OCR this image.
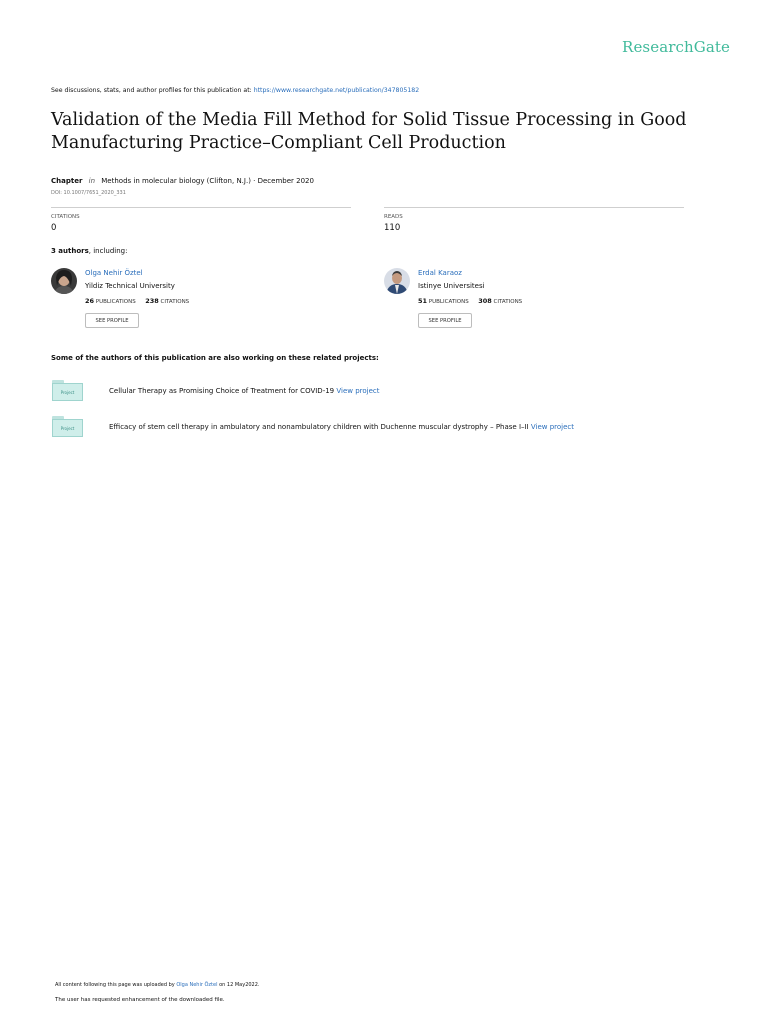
ResearchGate
See discussions, stats, and author profiles for this publication at: https://www.researchgate.net/publication/347805182
Validation of the Media Fill Method for Solid Tissue Processing in Good Manufacturing Practice–Compliant Cell Production
Chapter in Methods in molecular biology (Clifton, N.J.) · December 2020
DOI: 10.1007/7651_2020_331
CITATIONS
0
READS
110
3 authors, including:
Olga Nehir Öztel
Yildiz Technical University
26 PUBLICATIONS 238 CITATIONS
SEE PROFILE
Erdal Karaoz
Istinye Universitesi
51 PUBLICATIONS 308 CITATIONS
SEE PROFILE
Some of the authors of this publication are also working on these related projects:
Project	Cellular Therapy as Promising Choice of Treatment for COVID-19 View project
Project	Efficacy of stem cell therapy in ambulatory and nonambulatory children with Duchenne muscular dystrophy – Phase I–II View project
All content following this page was uploaded by Olga Nehir Öztel on 12 May2022.
The user has requested enhancement of the downloaded file.
